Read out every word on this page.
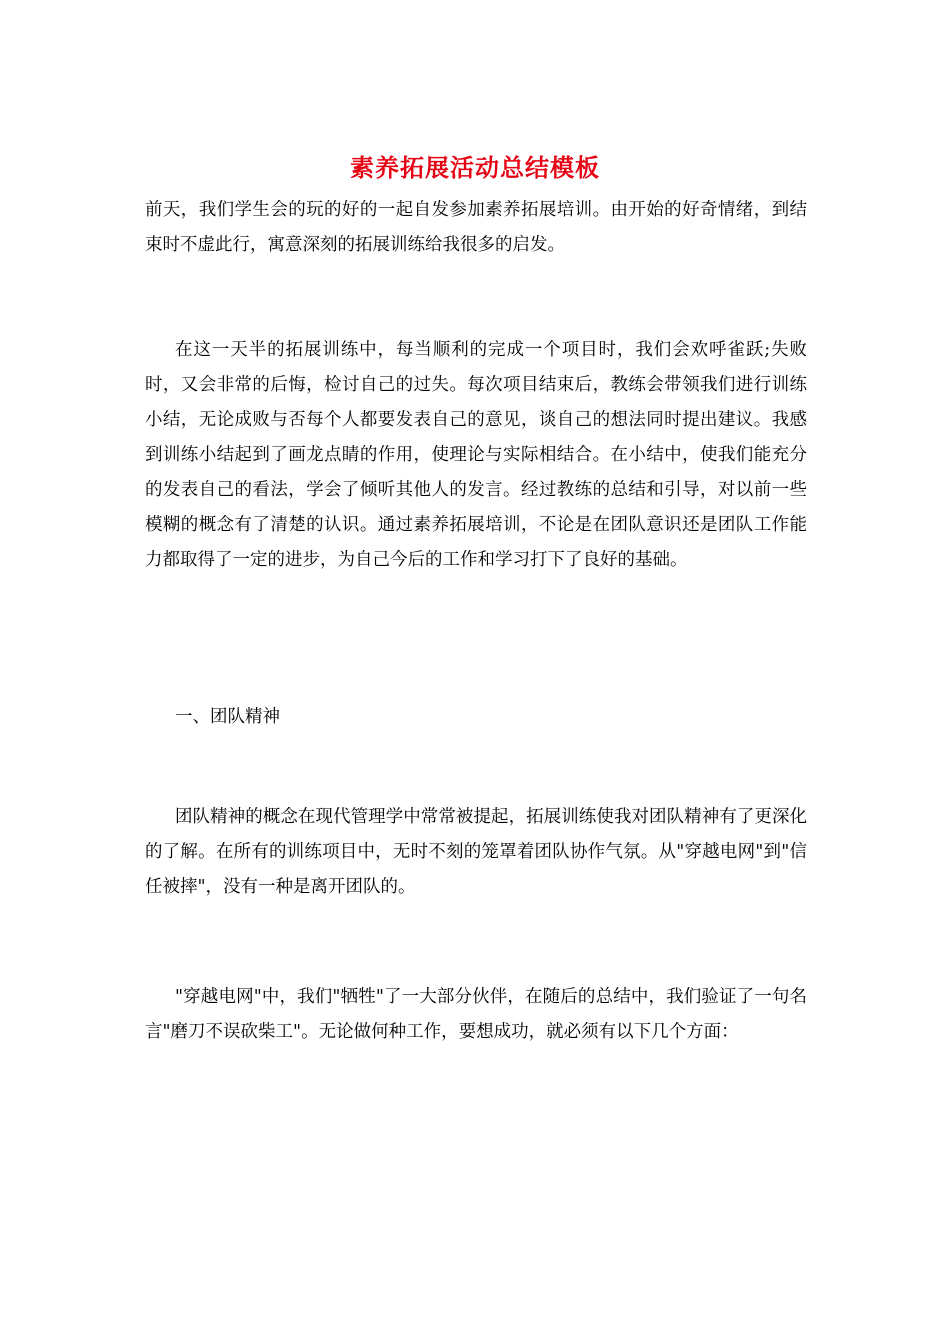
素养拓展活动总结模板

前天，我们学生会的玩的好的一起自发参加素养拓展培训。由开始的好奇情绪，到结束时不虚此行，寓意深刻的拓展训练给我很多的启发。

在这一天半的拓展训练中，每当顺利的完成一个项目时，我们会欢呼雀跃;失败时，又会非常的后悔，检讨自己的过失。每次项目结束后，教练会带领我们进行训练小结，无论成败与否每个人都要发表自己的意见，谈自己的想法同时提出建议。我感到训练小结起到了画龙点睛的作用，使理论与实际相结合。在小结中，使我们能充分的发表自己的看法，学会了倾听其他人的发言。经过教练的总结和引导，对以前一些模糊的概念有了清楚的认识。通过素养拓展培训，不论是在团队意识还是团队工作能力都取得了一定的进步，为自己今后的工作和学习打下了良好的基础。

一、团队精神

团队精神的概念在现代管理学中常常被提起，拓展训练使我对团队精神有了更深化的了解。在所有的训练项目中，无时不刻的笼罩着团队协作气氛。从"穿越电网"到"信任被摔"，没有一种是离开团队的。

"穿越电网"中，我们"牺牲"了一大部分伙伴，在随后的总结中，我们验证了一句名言"磨刀不误砍柴工"。无论做何种工作，要想成功，就必须有以下几个方面：
